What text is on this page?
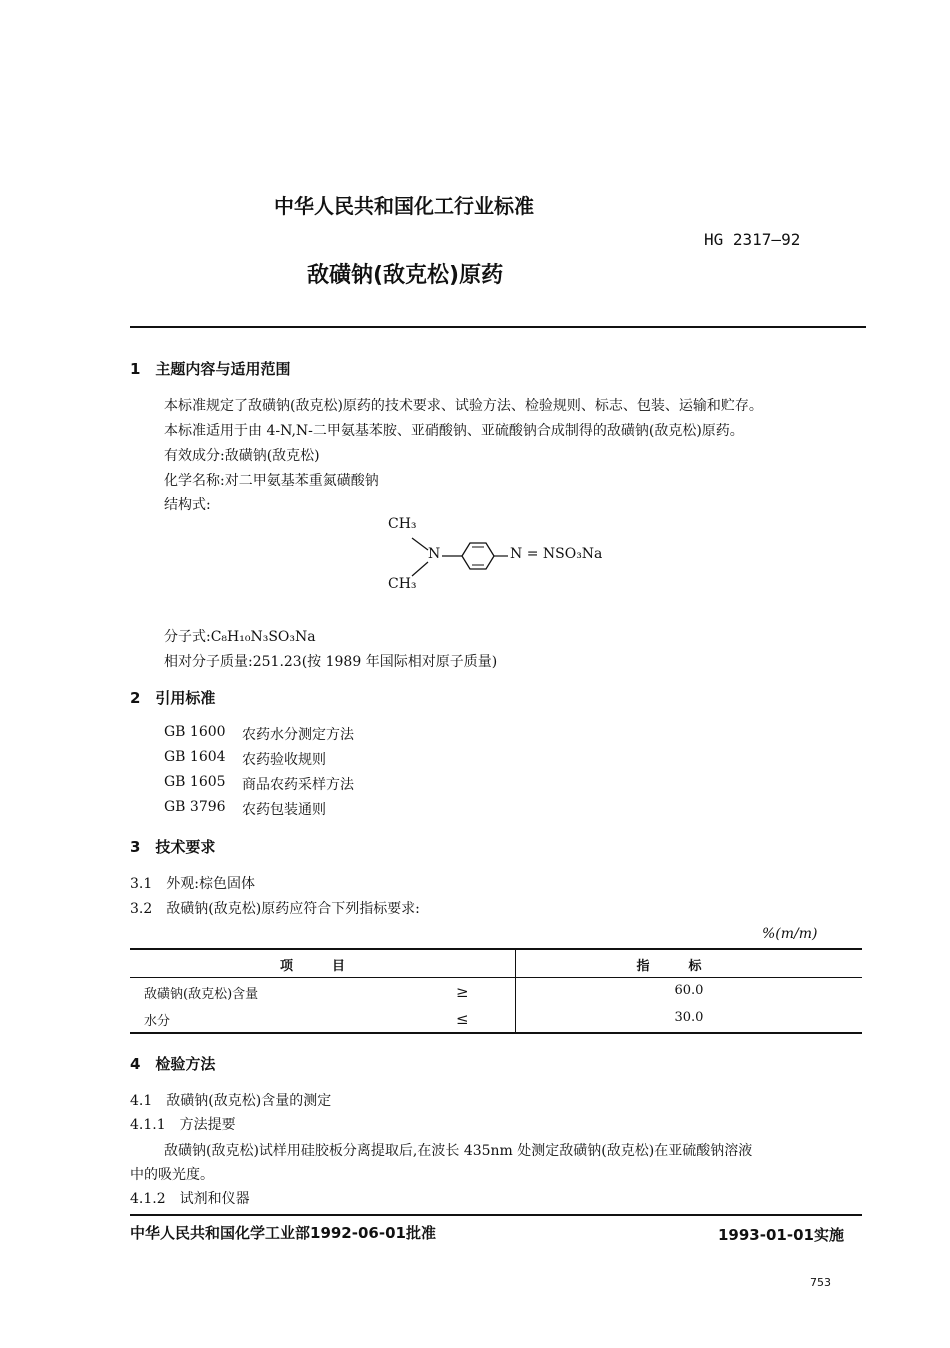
中华人民共和国化工行业标准
HG 2317—92
敌磺钠(敌克松)原药
1　主题内容与适用范围
本标准规定了敌磺钠(敌克松)原药的技术要求、试验方法、检验规则、标志、包装、运输和贮存。
本标准适用于由 4-N,N-二甲氨基苯胺、亚硝酸钠、亚硫酸钠合成制得的敌磺钠(敌克松)原药。
有效成分:敌磺钠(敌克松)
化学名称:对二甲氨基苯重氮磺酸钠
结构式:
CH₃
N
CH₃
N = NSO₃Na
分子式:C₈H₁₀N₃SO₃Na
相对分子质量:251.23(按 1989 年国际相对原子质量)
2　引用标准
GB 1600 农药水分测定方法
GB 1604 农药验收规则
GB 1605 商品农药采样方法
GB 3796 农药包装通则
3　技术要求
3.1　外观:棕色固体
3.2　敌磺钠(敌克松)原药应符合下列指标要求:
%(m/m)
项　　　目	指　　　标

敌磺钠(敌克松)含量 ≥	60.0

水分 ≤	30.0
4　检验方法
4.1　敌磺钠(敌克松)含量的测定
4.1.1　方法提要
敌磺钠(敌克松)试样用硅胶板分离提取后,在波长 435nm 处测定敌磺钠(敌克松)在亚硫酸钠溶液
中的吸光度。
4.1.2　试剂和仪器
中华人民共和国化学工业部1992-06-01批准	1993-01-01实施
753
